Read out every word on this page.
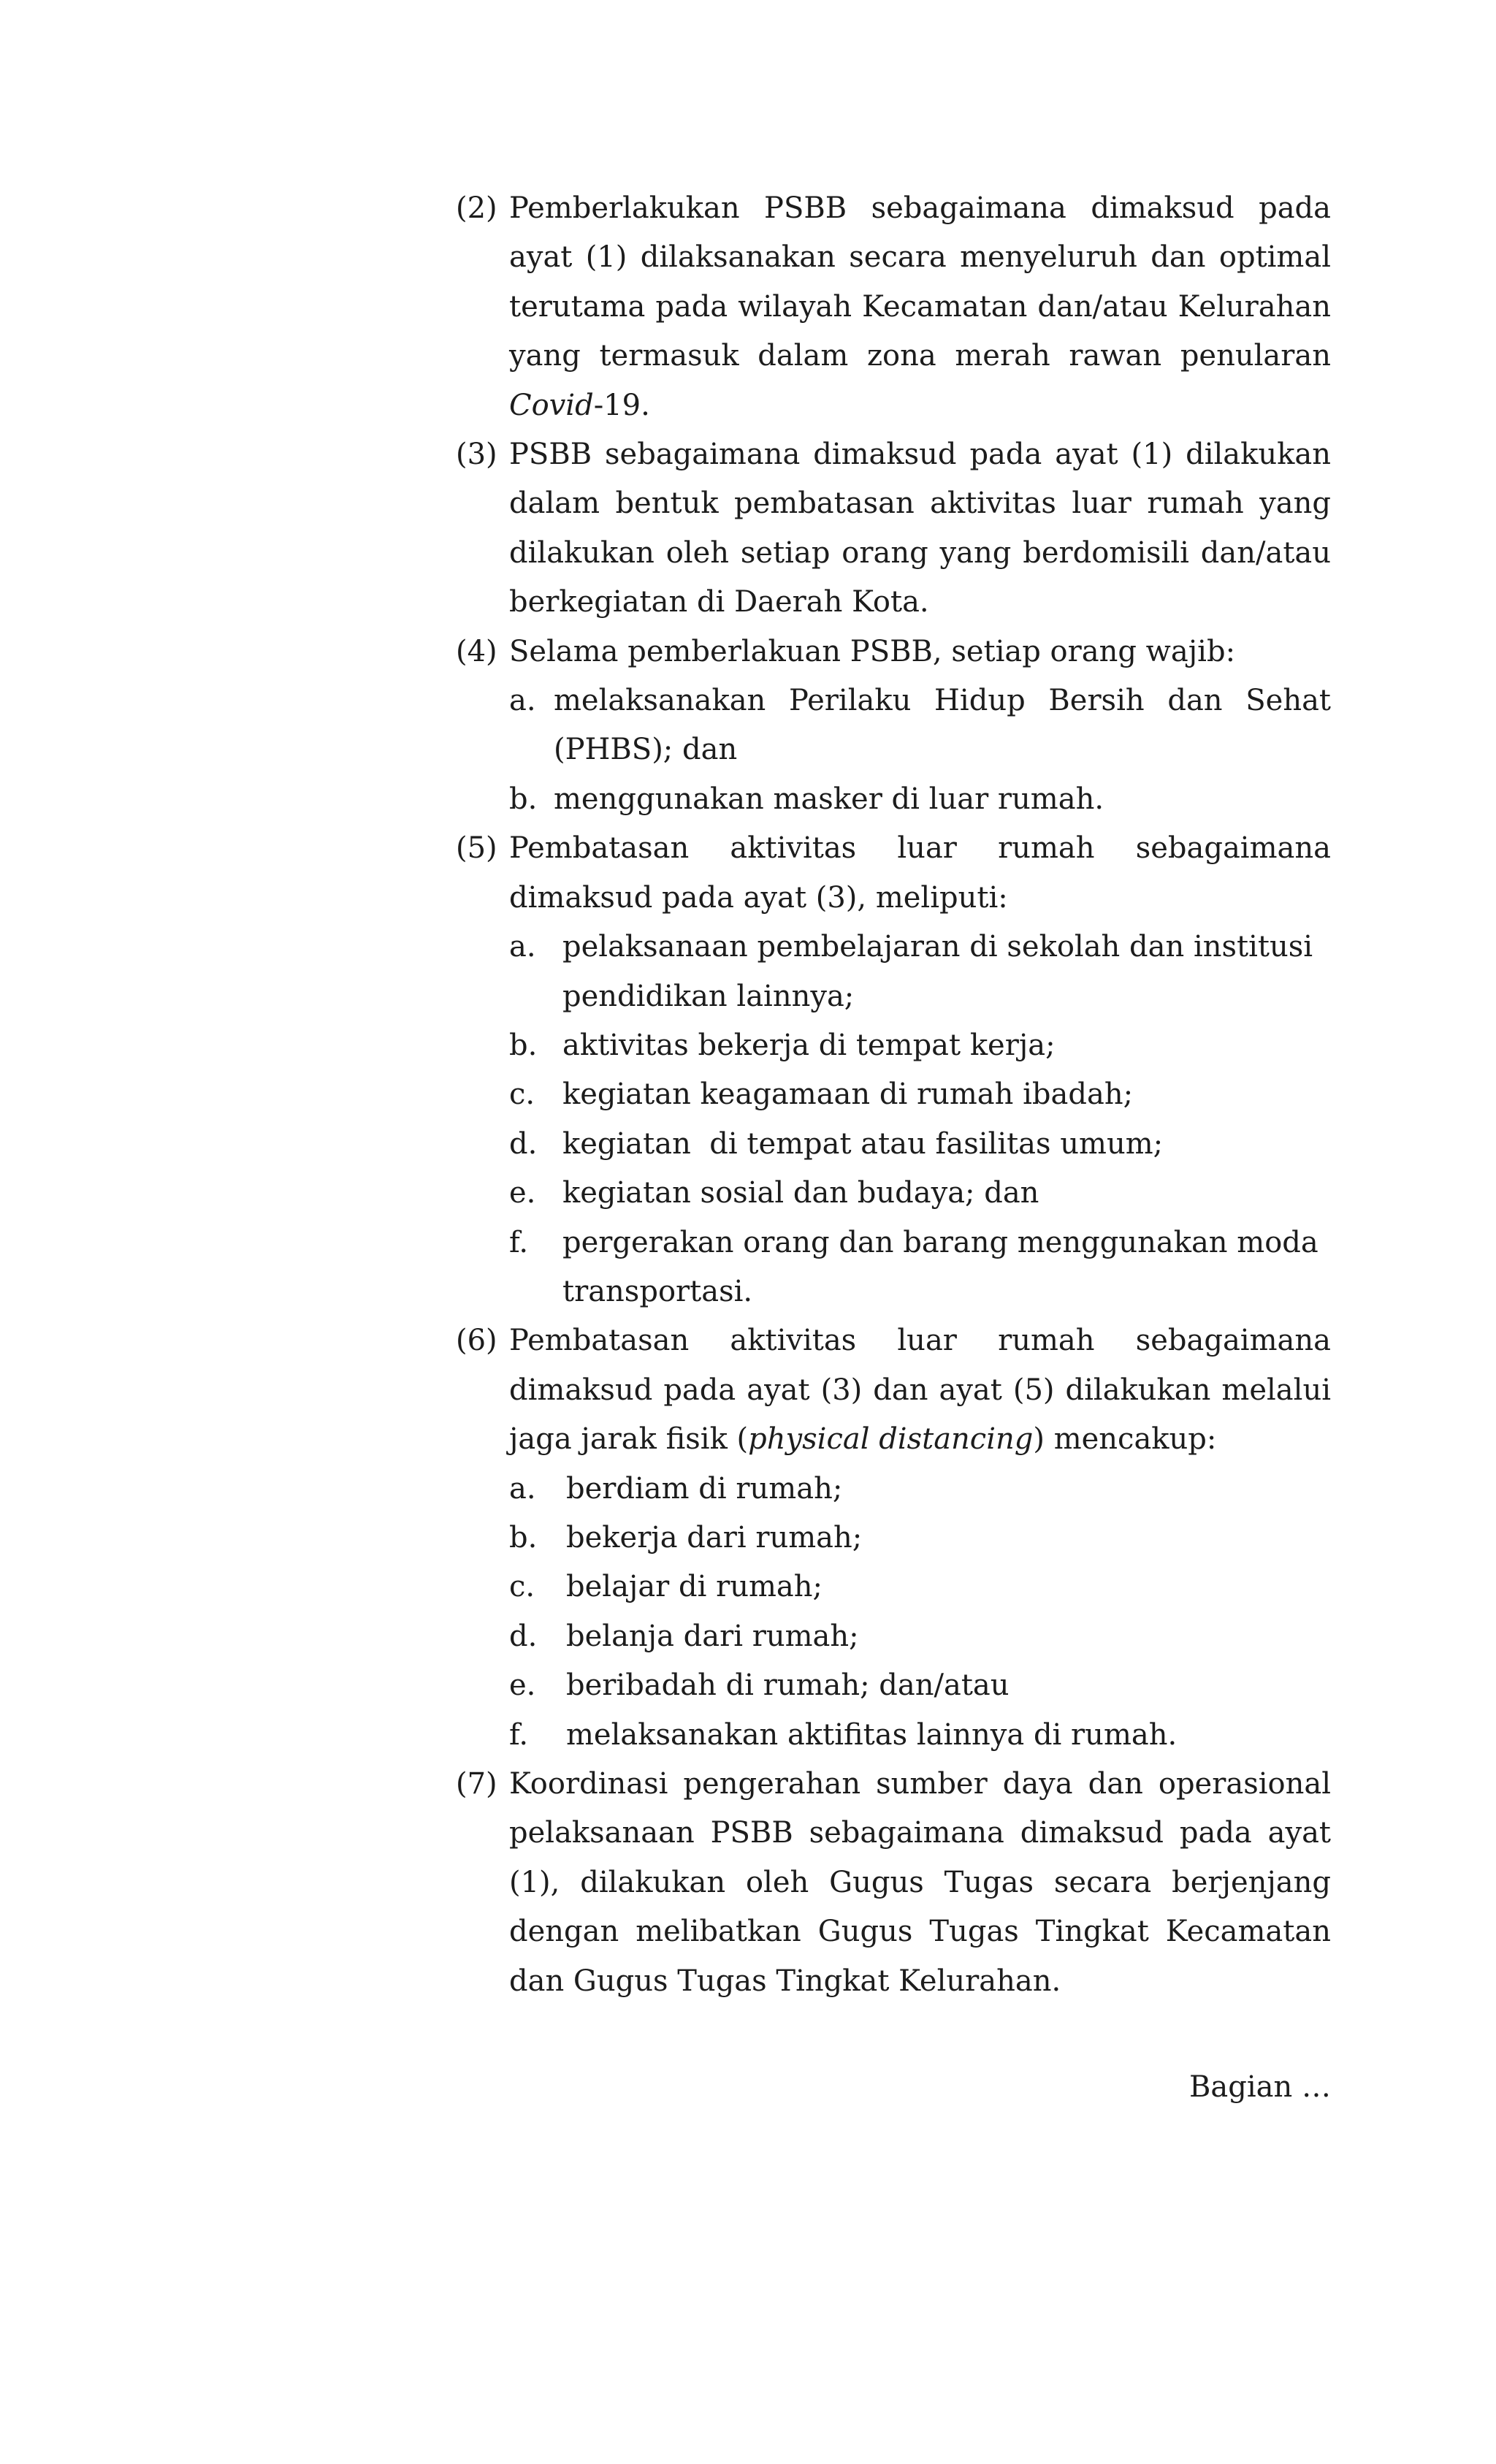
(2) Pemberlakukan PSBB sebagaimana dimaksud pada
ayat (1) dilaksanakan secara menyeluruh dan optimal
terutama pada wilayah Kecamatan dan/atau Kelurahan
yang termasuk dalam zona merah rawan penularan
Covid-19.
(3) PSBB sebagaimana dimaksud pada ayat (1) dilakukan
dalam bentuk pembatasan aktivitas luar rumah yang
dilakukan oleh setiap orang yang berdomisili dan/atau
berkegiatan di Daerah Kota.
(4) Selama pemberlakuan PSBB, setiap orang wajib:
a. melaksanakan Perilaku Hidup Bersih dan Sehat
(PHBS); dan
b. menggunakan masker di luar rumah.
(5) Pembatasan aktivitas luar rumah sebagaimana
dimaksud pada ayat (3), meliputi:
a. pelaksanaan pembelajaran di sekolah dan institusi
pendidikan lainnya;
b. aktivitas bekerja di tempat kerja;
c. kegiatan keagamaan di rumah ibadah;
d. kegiatan  di tempat atau fasilitas umum;
e. kegiatan sosial dan budaya; dan
f. pergerakan orang dan barang menggunakan moda
transportasi.
(6) Pembatasan aktivitas luar rumah sebagaimana
dimaksud pada ayat (3) dan ayat (5) dilakukan melalui
jaga jarak fisik (physical distancing) mencakup:
a. berdiam di rumah;
b. bekerja dari rumah;
c. belajar di rumah;
d. belanja dari rumah;
e. beribadah di rumah; dan/atau
f. melaksanakan aktifitas lainnya di rumah.
(7) Koordinasi pengerahan sumber daya dan operasional
pelaksanaan PSBB sebagaimana dimaksud pada ayat
(1), dilakukan oleh Gugus Tugas secara berjenjang
dengan melibatkan Gugus Tugas Tingkat Kecamatan
dan Gugus Tugas Tingkat Kelurahan.
Bagian …
